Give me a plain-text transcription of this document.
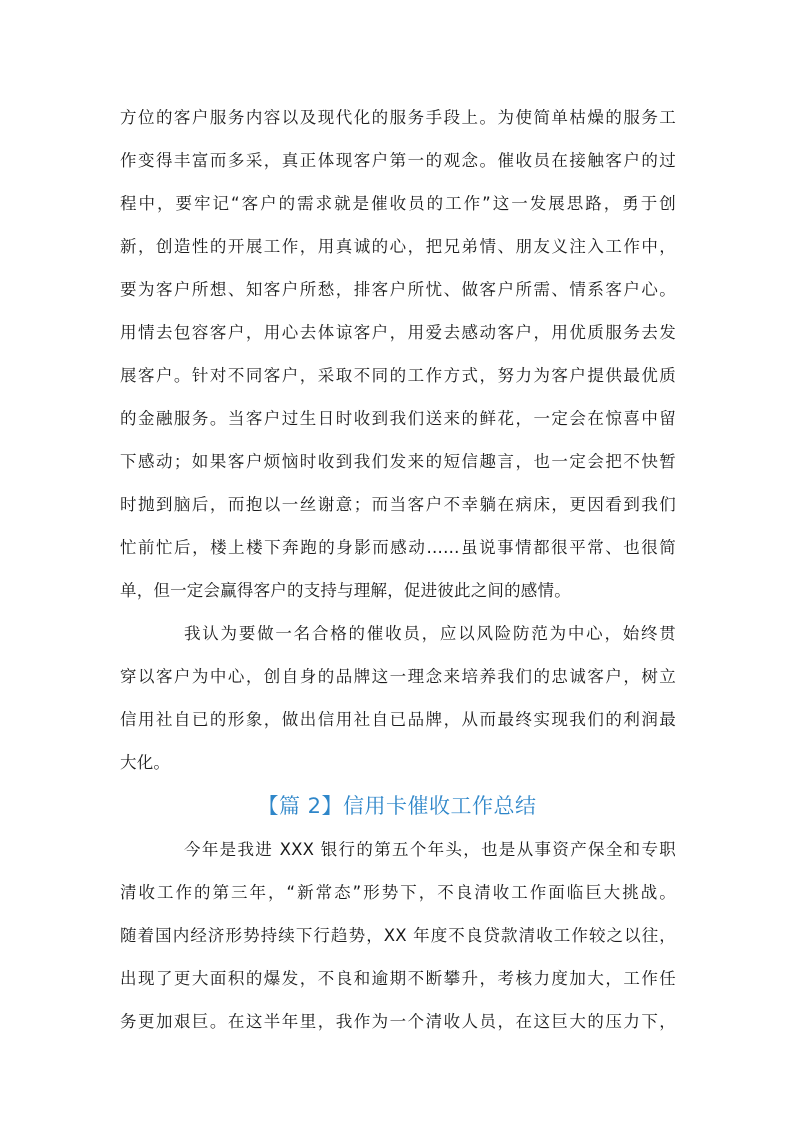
方位的客户服务内容以及现代化的服务手段上。为使简单枯燥的服务工
作变得丰富而多采，真正体现客户第一的观念。催收员在接触客户的过
程中，要牢记“客户的需求就是催收员的工作”这一发展思路，勇于创
新，创造性的开展工作，用真诚的心，把兄弟情、朋友义注入工作中，
要为客户所想、知客户所愁，排客户所忧、做客户所需、情系客户心。
用情去包容客户，用心去体谅客户，用爱去感动客户，用优质服务去发
展客户。针对不同客户，采取不同的工作方式，努力为客户提供最优质
的金融服务。当客户过生日时收到我们送来的鲜花，一定会在惊喜中留
下感动；如果客户烦恼时收到我们发来的短信趣言，也一定会把不快暂
时抛到脑后，而抱以一丝谢意；而当客户不幸躺在病床，更因看到我们
忙前忙后，楼上楼下奔跑的身影而感动……虽说事情都很平常、也很简
单，但一定会赢得客户的支持与理解，促进彼此之间的感情。
我认为要做一名合格的催收员，应以风险防范为中心，始终贯
穿以客户为中心，创自身的品牌这一理念来培养我们的忠诚客户，树立
信用社自已的形象，做出信用社自已品牌，从而最终实现我们的利润最
大化。
【篇 2】信用卡催收工作总结
今年是我进 XXX 银行的第五个年头，也是从事资产保全和专职
清收工作的第三年，“新常态”形势下，不良清收工作面临巨大挑战。
随着国内经济形势持续下行趋势，XX 年度不良贷款清收工作较之以往，
出现了更大面积的爆发，不良和逾期不断攀升，考核力度加大，工作任
务更加艰巨。在这半年里，我作为一个清收人员，在这巨大的压力下，
